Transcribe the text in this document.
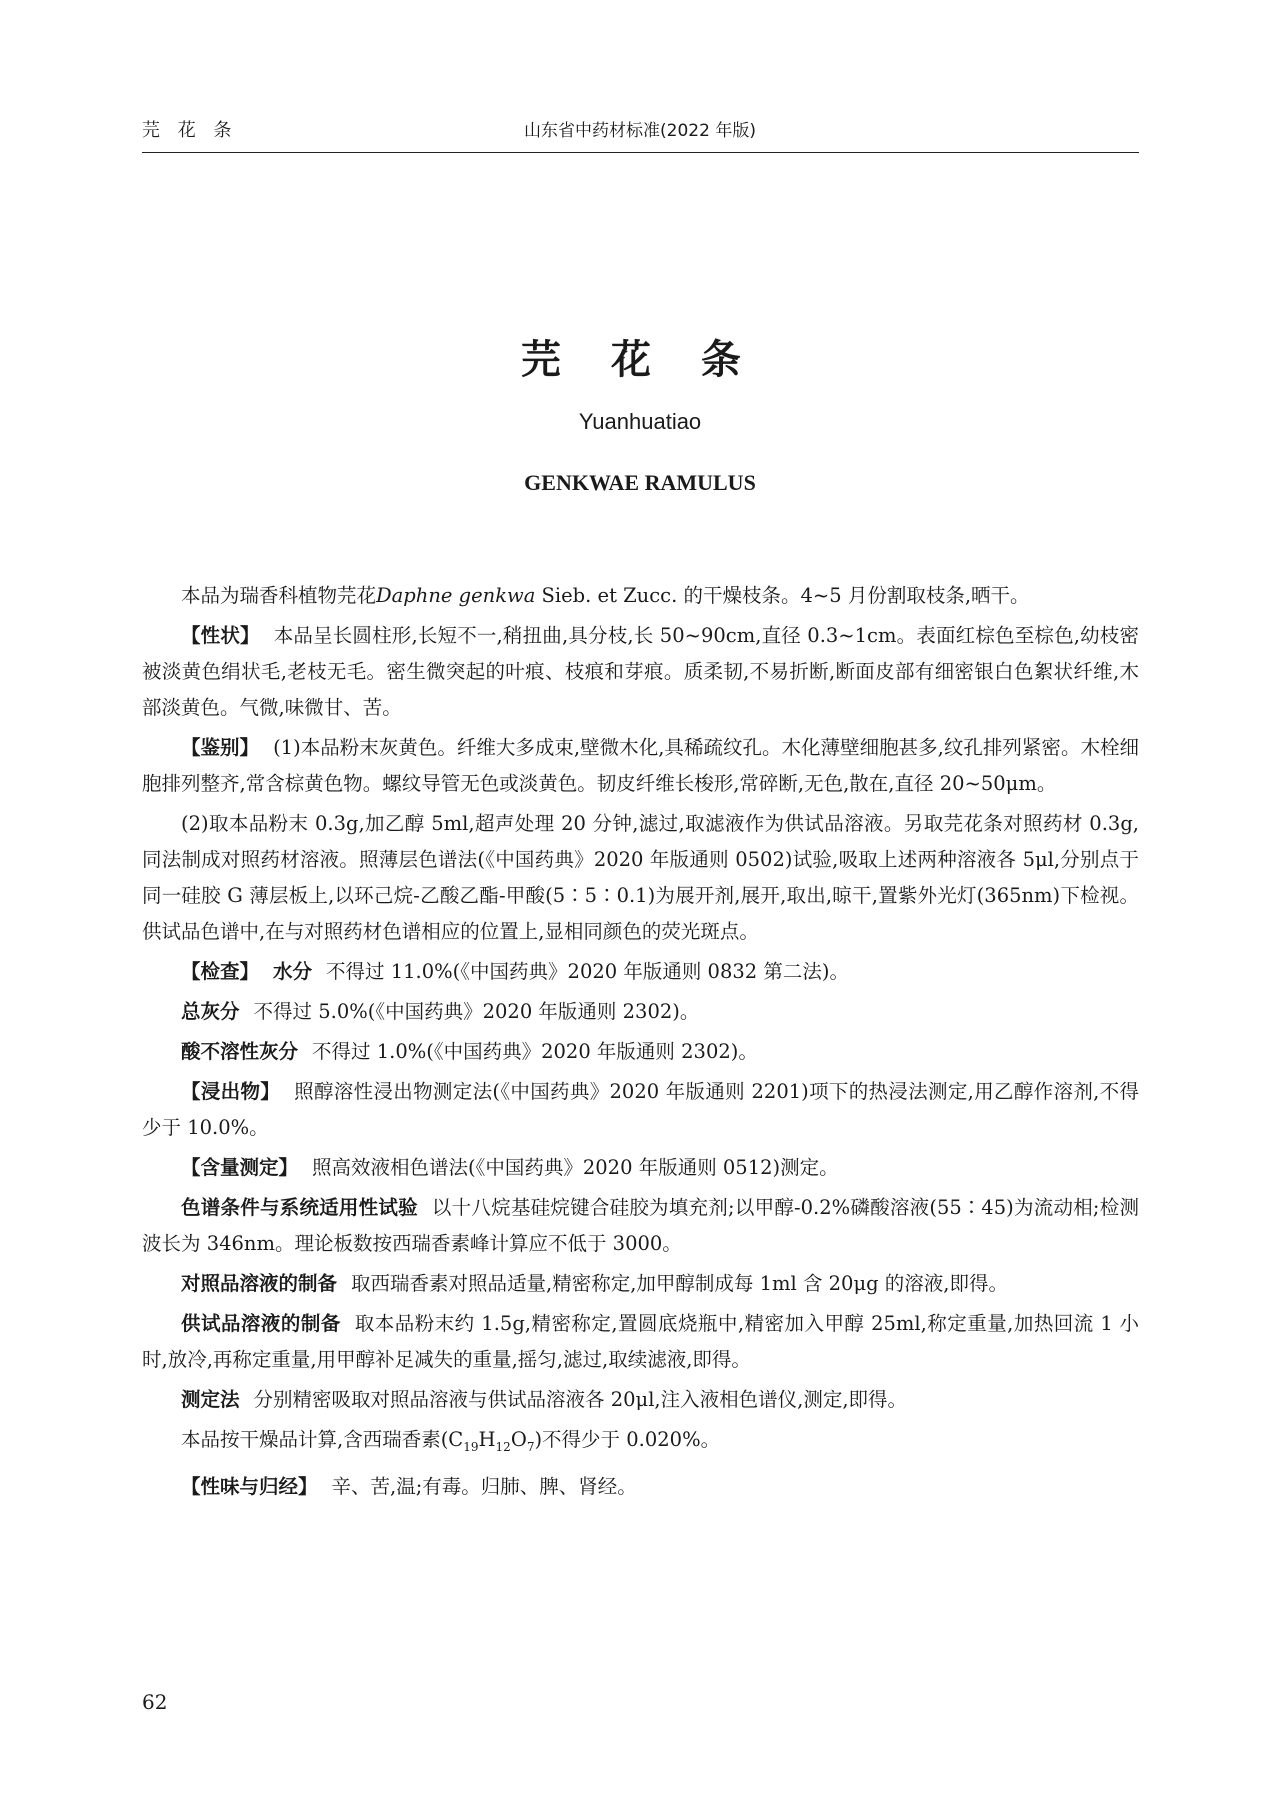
芫 花 条	山东省中药材标准(2022 年版)
芫 花 条
Yuanhuatiao
GENKWAE RAMULUS

本品为瑞香科植物芫花Daphne genkwa Sieb. et Zucc. 的干燥枝条。4~5 月份割取枝条,晒干。

【性状】 本品呈长圆柱形,长短不一,稍扭曲,具分枝,长 50~90cm,直径 0.3~1cm。表面红棕色至棕色,幼枝密被淡黄色绢状毛,老枝无毛。密生微突起的叶痕、枝痕和芽痕。质柔韧,不易折断,断面皮部有细密银白色絮状纤维,木部淡黄色。气微,味微甘、苦。

【鉴别】 (1)本品粉末灰黄色。纤维大多成束,壁微木化,具稀疏纹孔。木化薄壁细胞甚多,纹孔排列紧密。木栓细胞排列整齐,常含棕黄色物。螺纹导管无色或淡黄色。韧皮纤维长梭形,常碎断,无色,散在,直径 20~50μm。

(2)取本品粉末 0.3g,加乙醇 5ml,超声处理 20 分钟,滤过,取滤液作为供试品溶液。另取芫花条对照药材 0.3g,同法制成对照药材溶液。照薄层色谱法(《中国药典》2020 年版通则 0502)试验,吸取上述两种溶液各 5μl,分别点于同一硅胶 G 薄层板上,以环己烷-乙酸乙酯-甲酸(5∶5∶0.1)为展开剂,展开,取出,晾干,置紫外光灯(365nm)下检视。供试品色谱中,在与对照药材色谱相应的位置上,显相同颜色的荧光斑点。

【检查】 水分 不得过 11.0%(《中国药典》2020 年版通则 0832 第二法)。

总灰分 不得过 5.0%(《中国药典》2020 年版通则 2302)。

酸不溶性灰分 不得过 1.0%(《中国药典》2020 年版通则 2302)。

【浸出物】 照醇溶性浸出物测定法(《中国药典》2020 年版通则 2201)项下的热浸法测定,用乙醇作溶剂,不得少于 10.0%。

【含量测定】 照高效液相色谱法(《中国药典》2020 年版通则 0512)测定。

色谱条件与系统适用性试验 以十八烷基硅烷键合硅胶为填充剂;以甲醇-0.2%磷酸溶液(55∶45)为流动相;检测波长为 346nm。理论板数按西瑞香素峰计算应不低于 3000。

对照品溶液的制备 取西瑞香素对照品适量,精密称定,加甲醇制成每 1ml 含 20μg 的溶液,即得。

供试品溶液的制备 取本品粉末约 1.5g,精密称定,置圆底烧瓶中,精密加入甲醇 25ml,称定重量,加热回流 1 小时,放冷,再称定重量,用甲醇补足减失的重量,摇匀,滤过,取续滤液,即得。

测定法 分别精密吸取对照品溶液与供试品溶液各 20μl,注入液相色谱仪,测定,即得。

本品按干燥品计算,含西瑞香素$(C_{19}H_{12}O_7)$不得少于 0.020%。

【性味与归经】 辛、苦,温;有毒。归肺、脾、肾经。

62
